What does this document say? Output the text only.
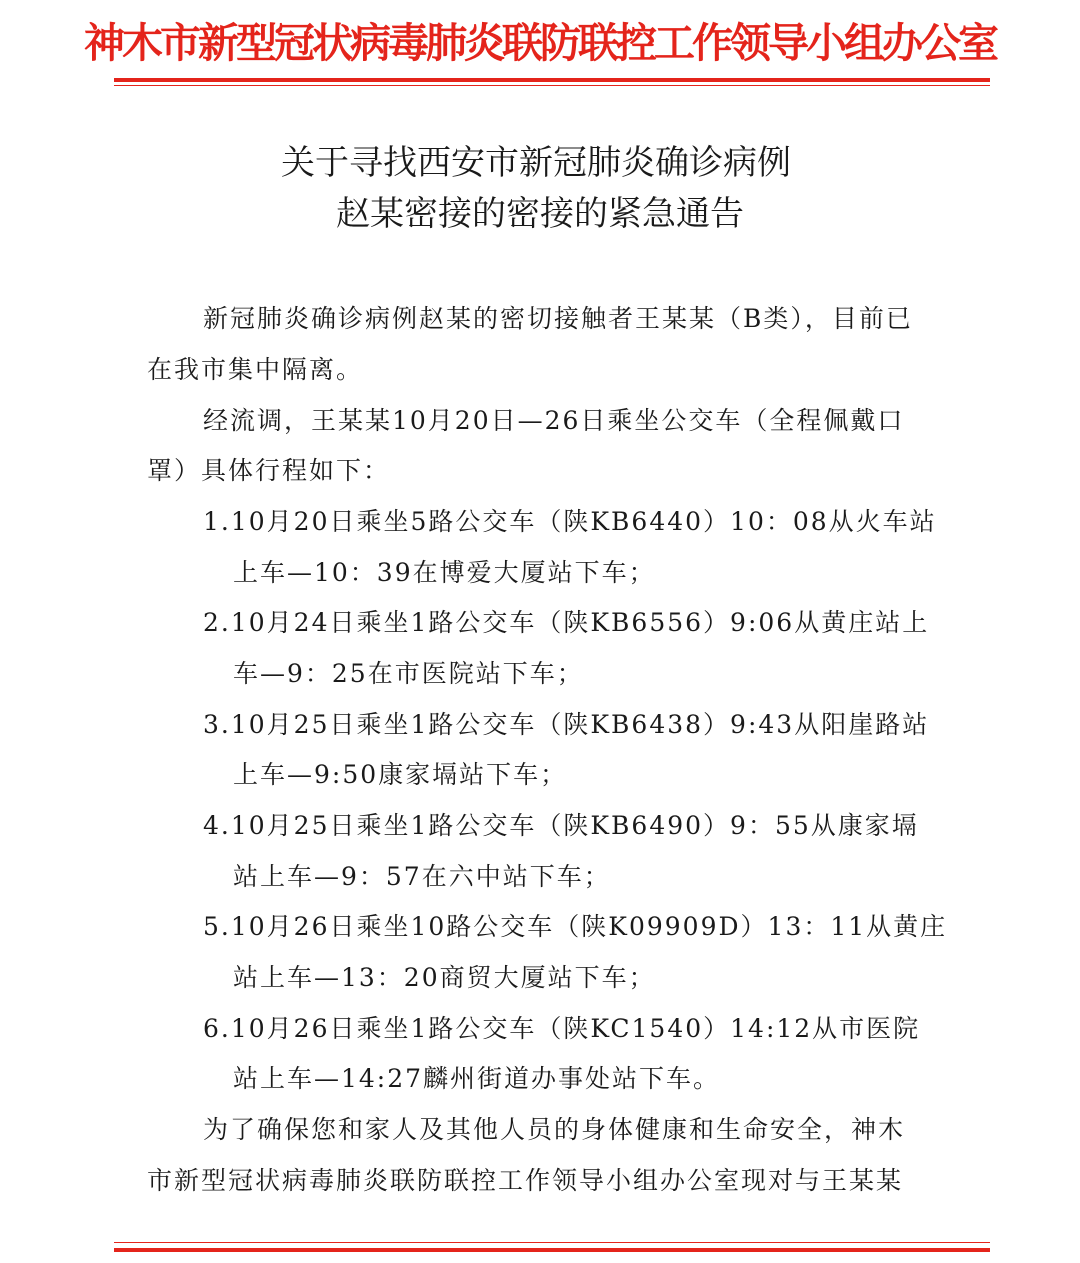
神木市新型冠状病毒肺炎联防联控工作领导小组办公室
关于寻找西安市新冠肺炎确诊病例
赵某密接的密接的紧急通告
新冠肺炎确诊病例赵某的密切接触者王某某（B类），目前已
在我市集中隔离。
经流调，王某某10月20日—26日乘坐公交车（全程佩戴口
罩）具体行程如下：
1.10月20日乘坐5路公交车（陕KB6440）10：08从火车站
上车—10：39在博爱大厦站下车；
2.10月24日乘坐1路公交车（陕KB6556）9:06从黄庄站上
车—9：25在市医院站下车；
3.10月25日乘坐1路公交车（陕KB6438）9:43从阳崖路站
上车—9:50康家塥站下车；
4.10月25日乘坐1路公交车（陕KB6490）9：55从康家塥
站上车—9：57在六中站下车；
5.10月26日乘坐10路公交车（陕K09909D）13：11从黄庄
站上车—13：20商贸大厦站下车；
6.10月26日乘坐1路公交车（陕KC1540）14:12从市医院
站上车—14:27麟州街道办事处站下车。
为了确保您和家人及其他人员的身体健康和生命安全，神木
市新型冠状病毒肺炎联防联控工作领导小组办公室现对与王某某
